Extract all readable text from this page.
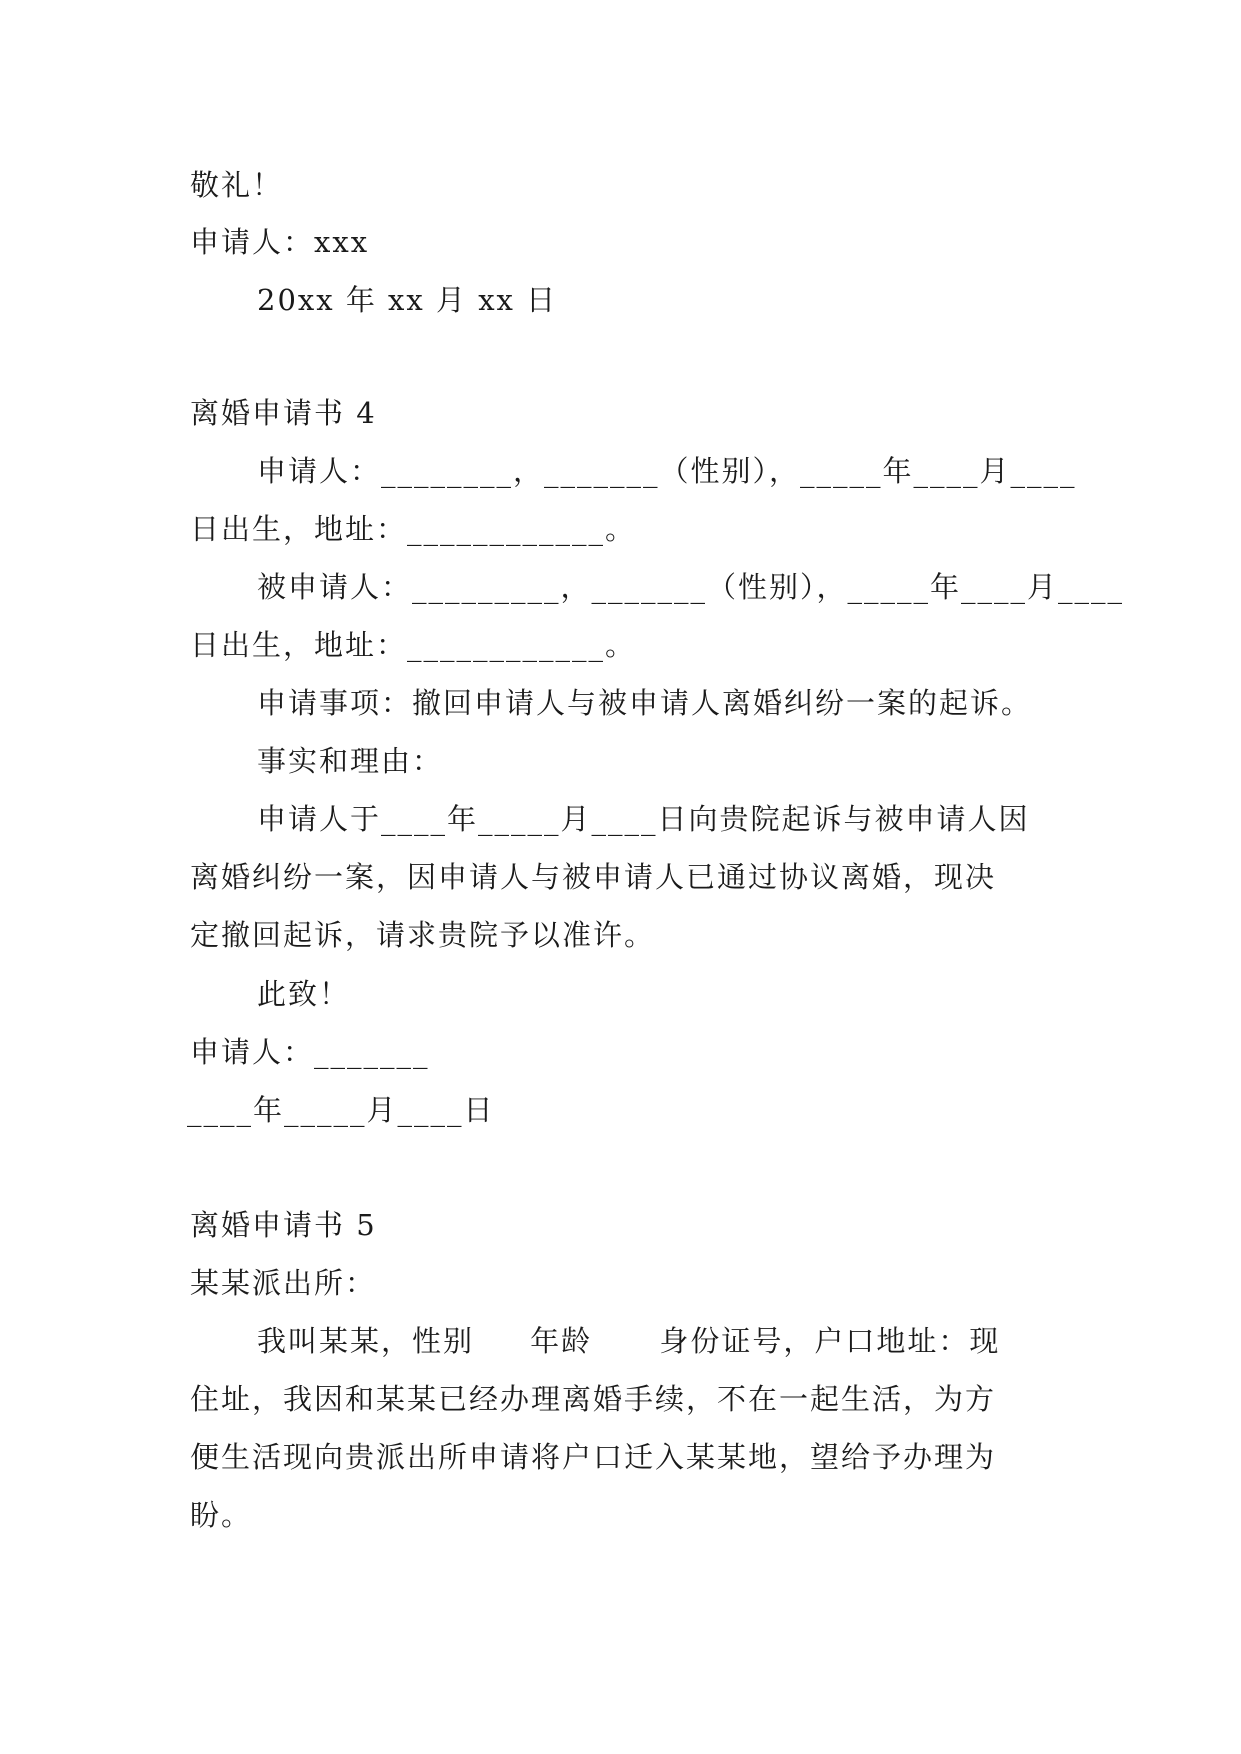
敬礼！
申请人：xxx
20xx 年 xx 月 xx 日
离婚申请书 4
申请人：________，_______（性别），_____年____月____
日出生，地址：____________。
被申请人：_________，_______（性别），_____年____月____
日出生，地址：____________。
申请事项：撤回申请人与被申请人离婚纠纷一案的起诉。
事实和理由：
申请人于____年_____月____日向贵院起诉与被申请人因
离婚纠纷一案，因申请人与被申请人已通过协议离婚，现决
定撤回起诉，请求贵院予以准许。
此致！
申请人：_______
____年_____月____日
离婚申请书 5
某某派出所：
我叫某某，性别     年龄      身份证号，户口地址：现
住址，我因和某某已经办理离婚手续，不在一起生活，为方
便生活现向贵派出所申请将户口迁入某某地，望给予办理为
盼。
